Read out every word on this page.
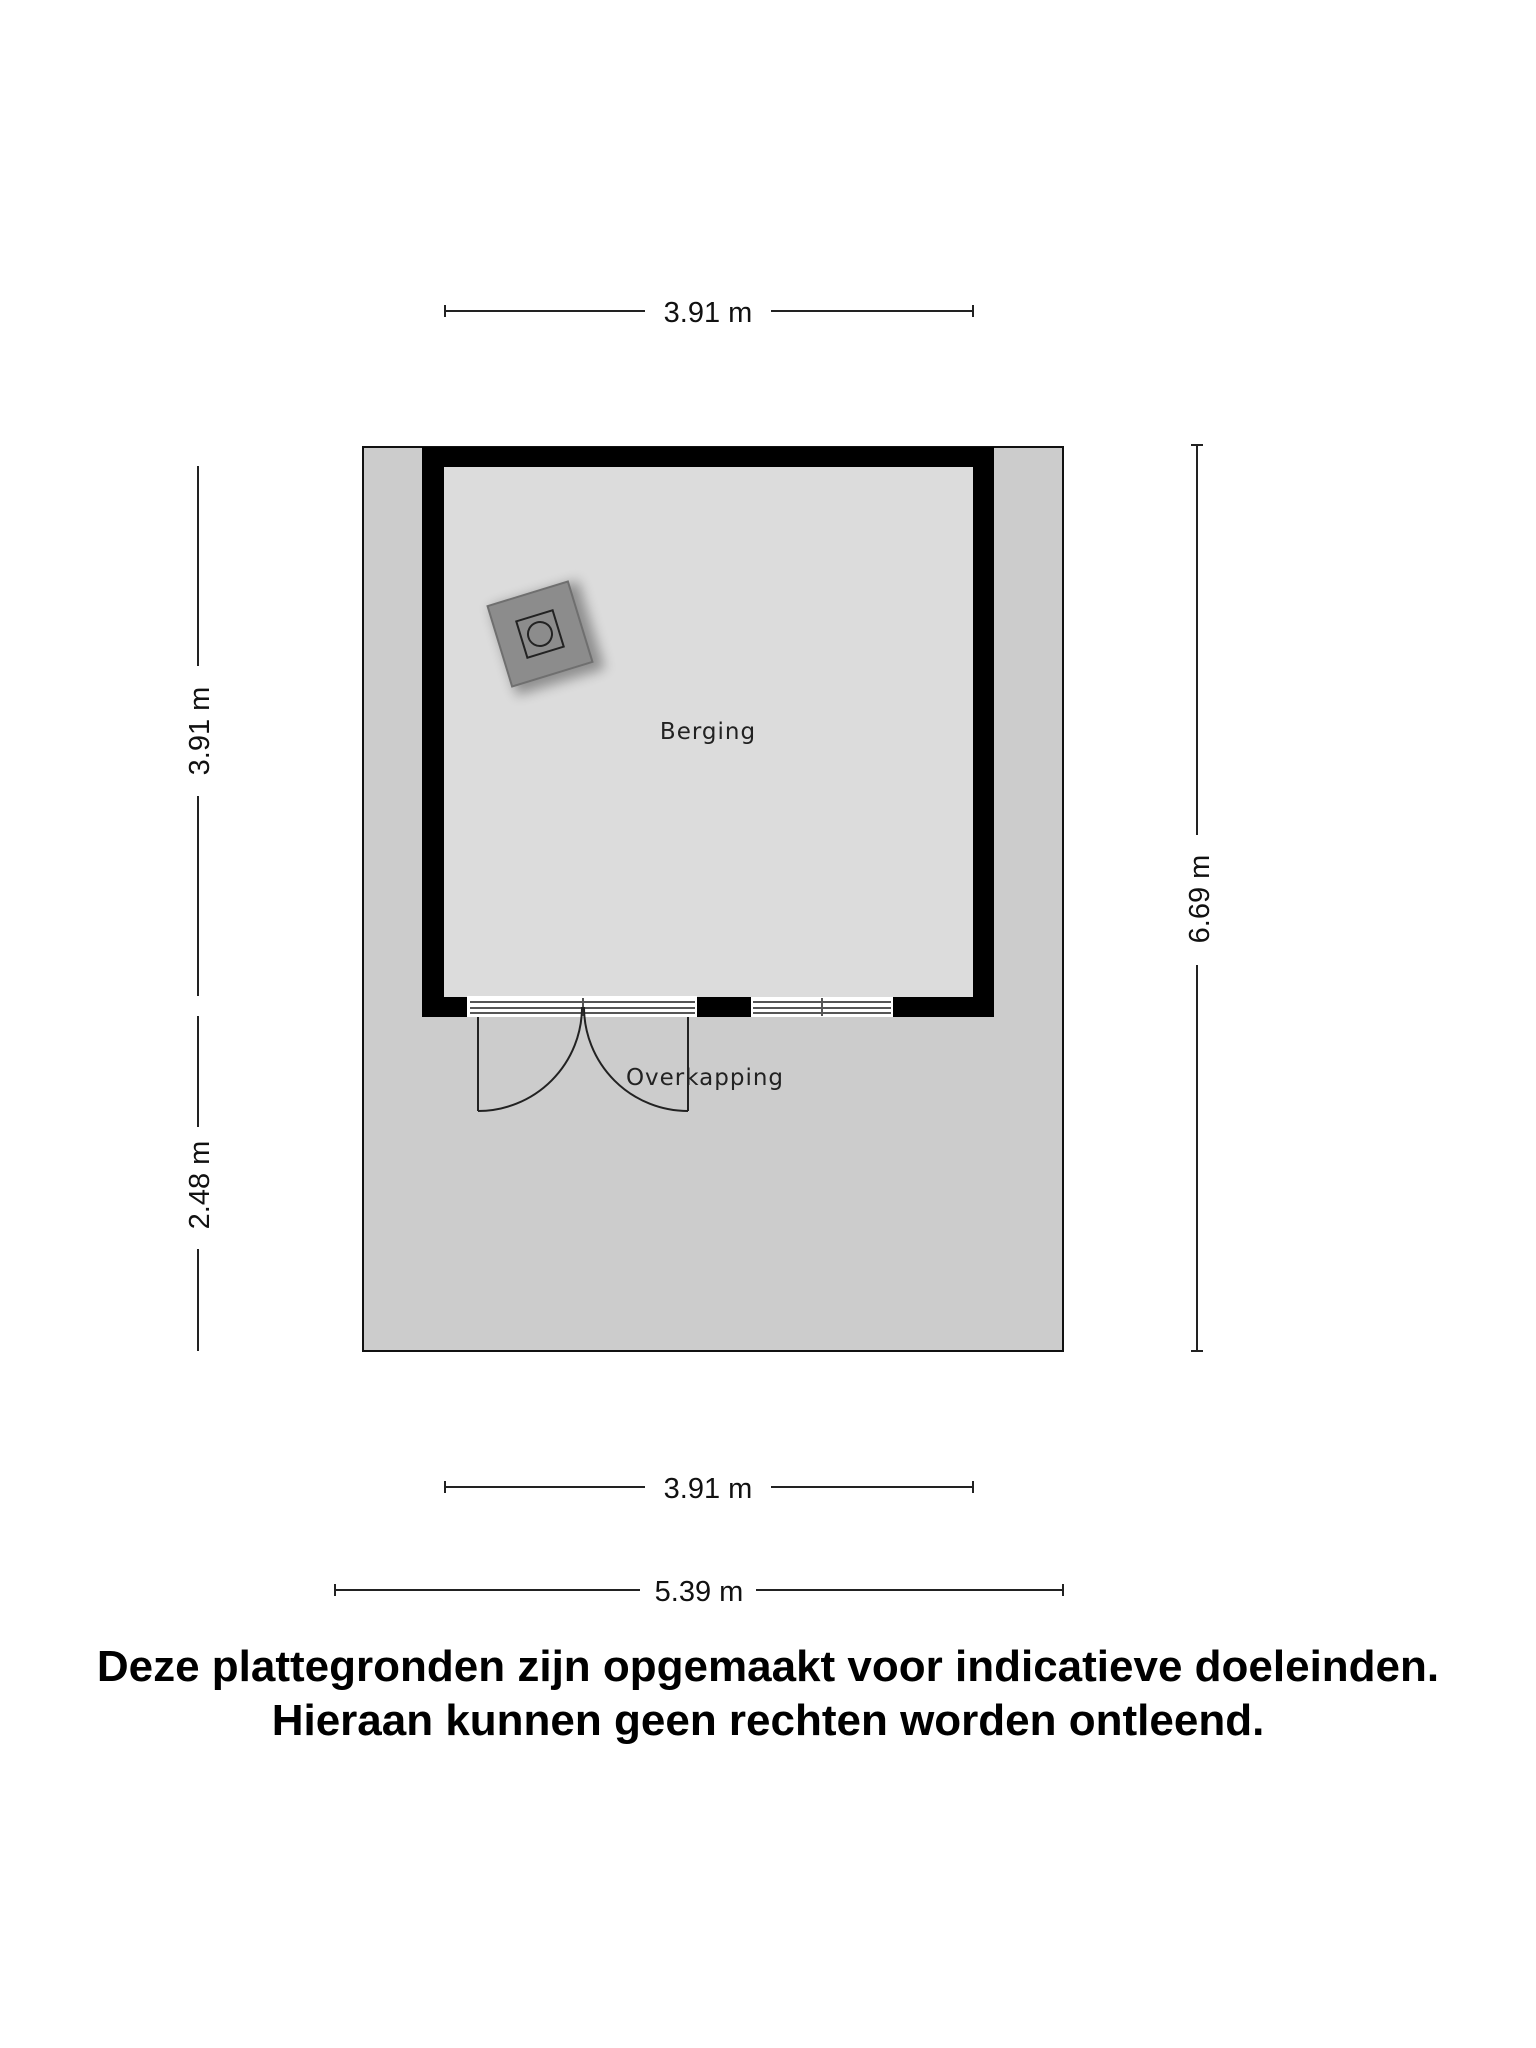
Berging
Overkapping
3.91 m
3.91 m
2.48 m
6.69 m
3.91 m
5.39 m
Deze plattegronden zijn opgemaakt voor indicatieve doeleinden.
Hieraan kunnen geen rechten worden ontleend.
